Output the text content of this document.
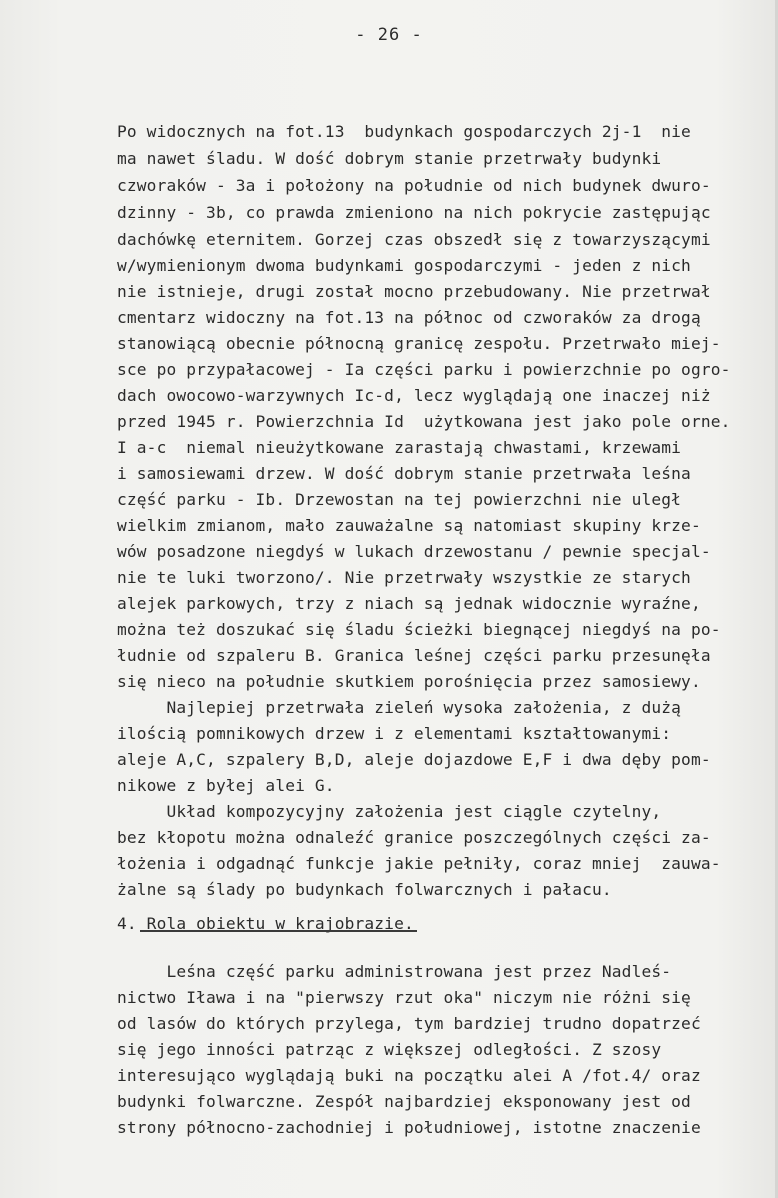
- 26 -
Po widocznych na fot.13  budynkach gospodarczych 2j-1  nie
ma nawet śladu. W dość dobrym stanie przetrwały budynki
czworaków - 3a i położony na południe od nich budynek dwuro-
dzinny - 3b, co prawda zmieniono na nich pokrycie zastępując
dachówkę eternitem. Gorzej czas obszedł się z towarzyszącymi
w/wymienionym dwoma budynkami gospodarczymi - jeden z nich
nie istnieje, drugi został mocno przebudowany. Nie przetrwał
cmentarz widoczny na fot.13 na północ od czworaków za drogą
stanowiącą obecnie północną granicę zespołu. Przetrwało miej-
sce po przypałacowej - Ia części parku i powierzchnie po ogro-
dach owocowo-warzywnych Ic-d, lecz wyglądają one inaczej niż
przed 1945 r. Powierzchnia Id  użytkowana jest jako pole orne.
I a-c  niemal nieużytkowane zarastają chwastami, krzewami
i samosiewami drzew. W dość dobrym stanie przetrwała leśna
część parku - Ib. Drzewostan na tej powierzchni nie uległ
wielkim zmianom, mało zauważalne są natomiast skupiny krze-
wów posadzone niegdyś w lukach drzewostanu / pewnie specjal-
nie te luki tworzono/. Nie przetrwały wszystkie ze starych
alejek parkowych, trzy z niach są jednak widocznie wyraźne,
można też doszukać się śladu ścieżki biegnącej niegdyś na po-
łudnie od szpaleru B. Granica leśnej części parku przesunęła
się nieco na południe skutkiem porośnięcia przez samosiewy.
Najlepiej przetrwała zieleń wysoka założenia, z dużą
ilością pomnikowych drzew i z elementami kształtowanymi:
aleje A,C, szpalery B,D, aleje dojazdowe E,F i dwa dęby pom-
nikowe z byłej alei G.
Układ kompozycyjny założenia jest ciągle czytelny,
bez kłopotu można odnaleźć granice poszczególnych części za-
łożenia i odgadnąć funkcje jakie pełniły, coraz mniej  zauwa-
żalne są ślady po budynkach folwarcznych i pałacu.
4. Rola obiektu w krajobrazie.
Leśna część parku administrowana jest przez Nadleś-
nictwo Iława i na "pierwszy rzut oka" niczym nie różni się
od lasów do których przylega, tym bardziej trudno dopatrzeć
się jego inności patrząc z większej odległości. Z szosy
interesująco wyglądają buki na początku alei A /fot.4/ oraz
budynki folwarczne. Zespół najbardziej eksponowany jest od
strony północno-zachodniej i południowej, istotne znaczenie
